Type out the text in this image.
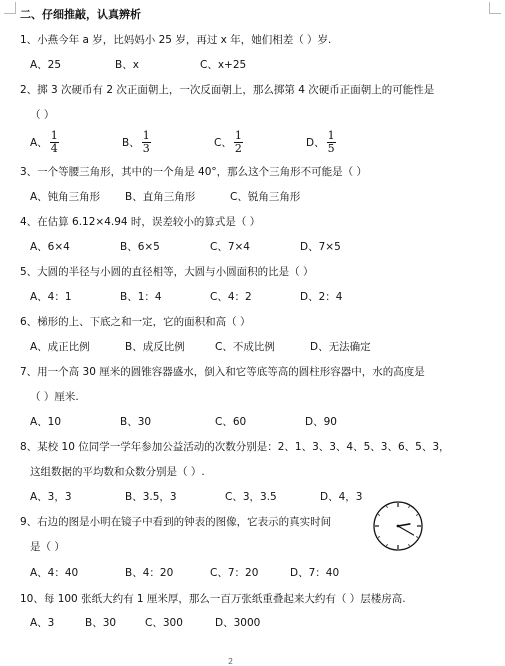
二、仔细推敲，认真辨析
1、小燕今年 a 岁，比妈妈小 25 岁，再过 x 年，她们相差（ ）岁.
A、25	B、x	C、x+25
2、掷 3 次硬币有 2 次正面朝上，一次反面朝上，那么掷第 4 次硬币正面朝上的可能性是
（ ）
A、 $\frac{1}{4}$	B、 $\frac{1}{3}$	C、 $\frac{1}{2}$	D、 $\frac{1}{5}$
3、一个等腰三角形，其中的一个角是 40°，那么这个三角形不可能是（ ）
A、钝角三角形 B、直角三角形	C、锐角三角形
4、在估算 6.12×4.94 时，误差较小的算式是（ ）
A、6×4	B、6×5	C、7×4	D、7×5
5、大圆的半径与小圆的直径相等，大圆与小圆面积的比是（ ）
A、4：1	B、1：4	C、4：2	D、2：4
6、梯形的上、下底之和一定，它的面积和高（ ）
A、成正比例	B、成反比例	C、不成比例	D、无法确定
7、用一个高 30 厘米的圆锥容器盛水，倒入和它等底等高的圆柱形容器中，水的高度是
（ ）厘米.
A、10	B、30	C、60	D、90
8、某校 10 位同学一学年参加公益活动的次数分别是：2、1、3、3、4、5、3、6、5、3，
这组数据的平均数和众数分别是（ ）.
A、3，3	B、3.5，3	C、3，3.5	D、4，3
9、右边的图是小明在镜子中看到的钟表的图像，它表示的真实时间
是（ ）
A、4：40	B、4：20	C、7：20	D、7：40
10、每 100 张纸大约有 1 厘米厚，那么一百万张纸重叠起来大约有（ ）层楼房高.
A、3	B、30	C、300	D、3000
2
